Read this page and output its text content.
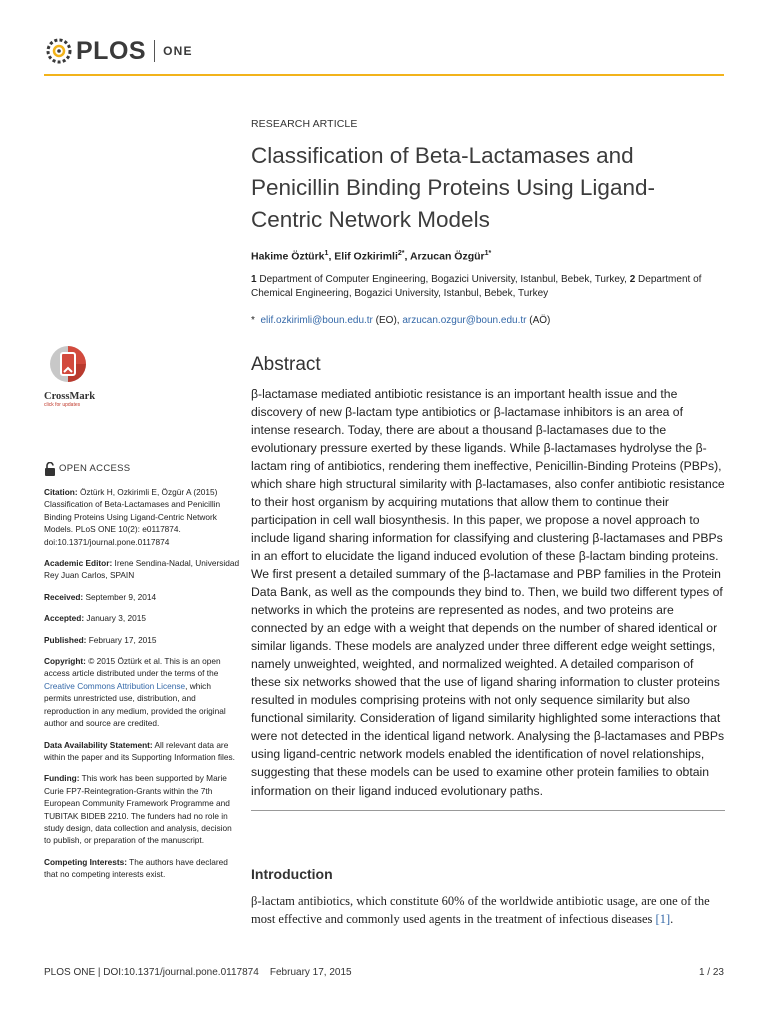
PLOS ONE
CrossMark
click for updates
OPEN ACCESS
Citation: Öztürk H, Ozkirimli E, Özgür A (2015) Classification of Beta-Lactamases and Penicillin Binding Proteins Using Ligand-Centric Network Models. PLoS ONE 10(2): e0117874. doi:10.1371/journal.pone.0117874
Academic Editor: Irene Sendina-Nadal, Universidad Rey Juan Carlos, SPAIN
Received: September 9, 2014
Accepted: January 3, 2015
Published: February 17, 2015
Copyright: © 2015 Öztürk et al. This is an open access article distributed under the terms of the Creative Commons Attribution License, which permits unrestricted use, distribution, and reproduction in any medium, provided the original author and source are credited.
Data Availability Statement: All relevant data are within the paper and its Supporting Information files.
Funding: This work has been supported by Marie Curie FP7-Reintegration-Grants within the 7th European Community Framework Programme and TUBITAK BIDEB 2210. The funders had no role in study design, data collection and analysis, decision to publish, or preparation of the manuscript.
Competing Interests: The authors have declared that no competing interests exist.
RESEARCH ARTICLE
Classification of Beta-Lactamases and Penicillin Binding Proteins Using Ligand-Centric Network Models
Hakime Öztürk$^1$, Elif Ozkirimli$^{2*}$, Arzucan Özgür$^{1*}$
1 Department of Computer Engineering, Bogazici University, Istanbul, Bebek, Turkey, 2 Department of Chemical Engineering, Bogazici University, Istanbul, Bebek, Turkey
* elif.ozkirimli@boun.edu.tr (EO), arzucan.ozgur@boun.edu.tr (AÖ)
Abstract
β-lactamase mediated antibiotic resistance is an important health issue and the discovery of new β-lactam type antibiotics or β-lactamase inhibitors is an area of intense research. Today, there are about a thousand β-lactamases due to the evolutionary pressure exerted by these ligands. While β-lactamases hydrolyse the β-lactam ring of antibiotics, rendering them ineffective, Penicillin-Binding Proteins (PBPs), which share high structural similarity with β-lactamases, also confer antibiotic resistance to their host organism by acquiring mutations that allow them to continue their participation in cell wall biosynthesis. In this paper, we propose a novel approach to include ligand sharing information for classifying and clustering β-lactamases and PBPs in an effort to elucidate the ligand induced evolution of these β-lactam binding proteins. We first present a detailed summary of the β-lactamase and PBP families in the Protein Data Bank, as well as the compounds they bind to. Then, we build two different types of networks in which the proteins are represented as nodes, and two proteins are connected by an edge with a weight that depends on the number of shared identical or similar ligands. These models are analyzed under three different edge weight settings, namely unweighted, weighted, and normalized weighted. A detailed comparison of these six networks showed that the use of ligand sharing information to cluster proteins resulted in modules comprising proteins with not only sequence similarity but also functional similarity. Consideration of ligand similarity highlighted some interactions that were not detected in the identical ligand network. Analysing the β-lactamases and PBPs using ligand-centric network models enabled the identification of novel relationships, suggesting that these models can be used to examine other protein families to obtain information on their ligand induced evolutionary paths.
Introduction
β-lactam antibiotics, which constitute 60% of the worldwide antibiotic usage, are one of the most effective and commonly used agents in the treatment of infectious diseases [1].
PLOS ONE | DOI:10.1371/journal.pone.0117874    February 17, 2015	1 / 23
